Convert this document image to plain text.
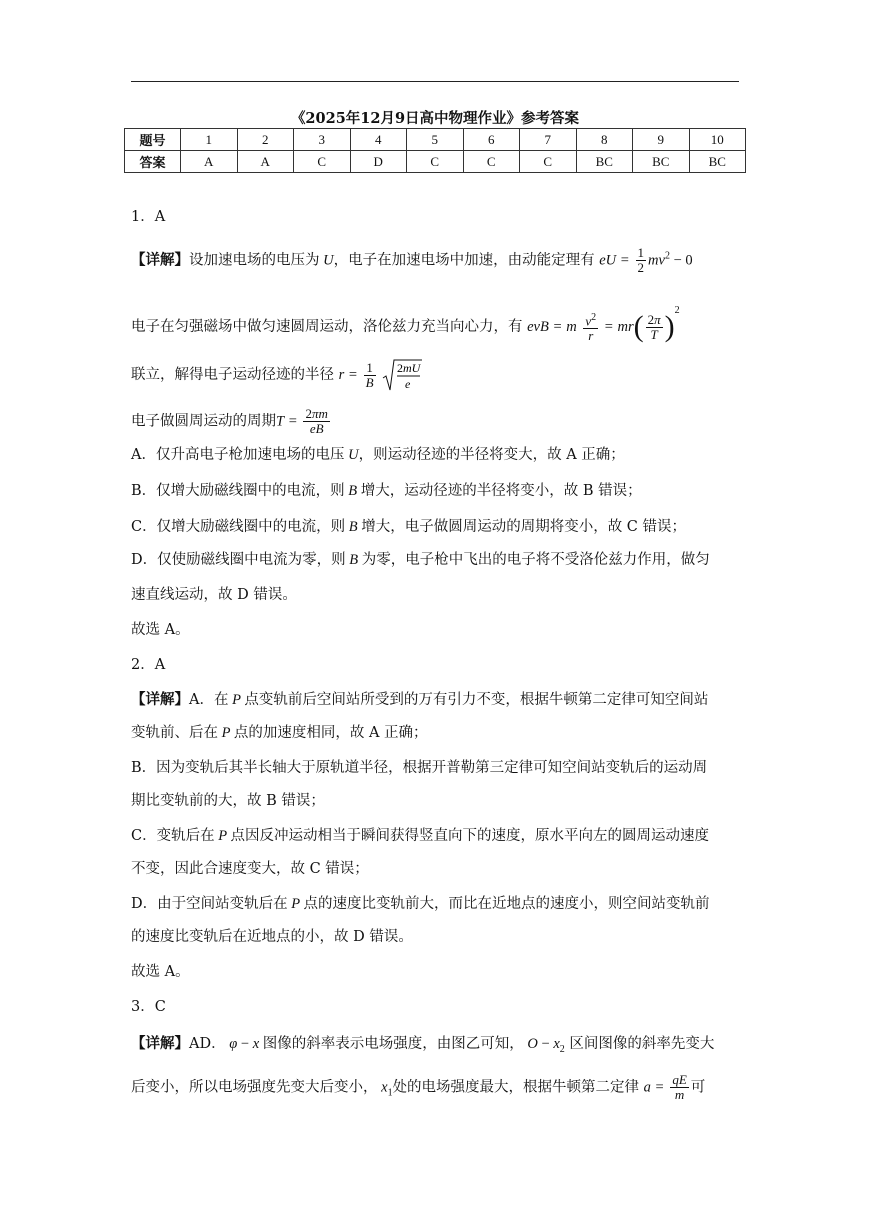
《2025年12月9日高中物理作业》参考答案
题号	1	2	3	4	5	6	7	8	9	10
答案	A	A	C	D	C	C	C	BC	BC	BC
1．A
【详解】设加速电场的电压为 U，电子在加速电场中加速，由动能定理有 eU = $\frac{1}{2} mv^2 - 0$
电子在匀强磁场中做匀速圆周运动，洛伦兹力充当向心力，有 evB = m $\frac{v^2}{r} = mr( \frac{2\pi}{T} )^2$
联立，解得电子运动径迹的半径 $r = \frac{1}{B}$
2mU
e
电子做圆周运动的周期$T = \frac{2\pi m}{eB}$
A．仅升高电子枪加速电场的电压 U，则运动径迹的半径将变大，故 A 正确；
B．仅增大励磁线圈中的电流，则 B 增大，运动径迹的半径将变小，故 B 错误；
C．仅增大励磁线圈中的电流，则 B 增大，电子做圆周运动的周期将变小，故 C 错误；
D．仅使励磁线圈中电流为零，则 B 为零，电子枪中飞出的电子将不受洛伦兹力作用，做匀
速直线运动，故 D 错误。
故选 A。
2．A
【详解】A．在 P 点变轨前后空间站所受到的万有引力不变，根据牛顿第二定律可知空间站
变轨前、后在 P 点的加速度相同，故 A 正确；
B．因为变轨后其半长轴大于原轨道半径，根据开普勒第三定律可知空间站变轨后的运动周
期比变轨前的大，故 B 错误；
C．变轨后在 P 点因反冲运动相当于瞬间获得竖直向下的速度，原水平向左的圆周运动速度
不变，因此合速度变大，故 C 错误；
D．由于空间站变轨后在 P 点的速度比变轨前大，而比在近地点的速度小，则空间站变轨前
的速度比变轨后在近地点的小，故 D 错误。
故选 A。
3．C
【详解】AD． φ − x 图像的斜率表示电场强度，由图乙可知， $O - x_2$ 区间图像的斜率先变大
后变小，所以电场强度先变大后变小， $x_1$处的电场强度最大，根据牛顿第二定律 $a = \frac{qE}{m}$ 可
